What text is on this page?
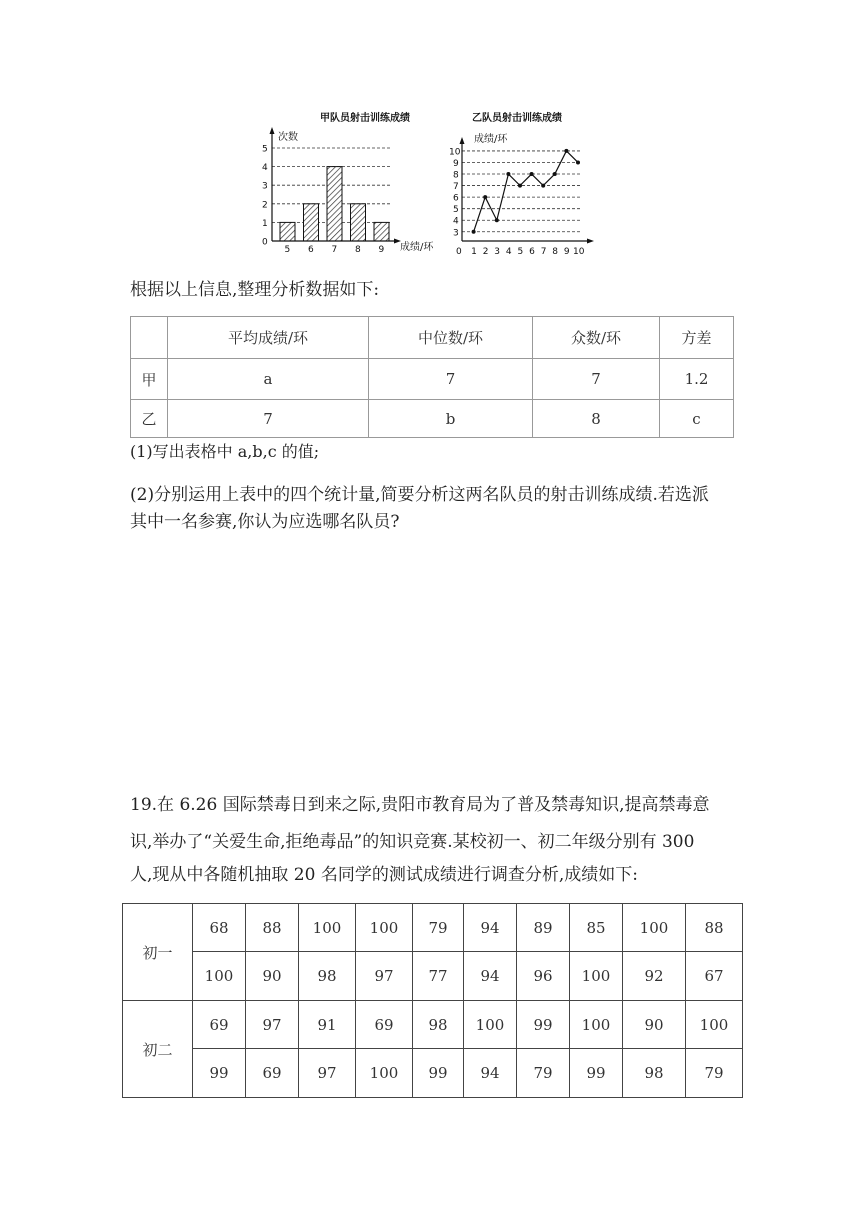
甲队员射击训练成绩
次数
成绩/环
0
1
2
3
4
5
5 6 7 8 9
乙队员射击训练成绩
成绩/环
3
4
5
6
7
8
9
10
0 1 2 3 4 5 6 7 8 9 10
根据以上信息,整理分析数据如下:
	平均成绩/环	中位数/环	众数/环	方差
甲	a	7	7	1.2
乙	7	b	8	c
(1)写出表格中 a,b,c 的值;
(2)分别运用上表中的四个统计量,简要分析这两名队员的射击训练成绩.若选派
其中一名参赛,你认为应选哪名队员?
19.在 6.26 国际禁毒日到来之际,贵阳市教育局为了普及禁毒知识,提高禁毒意
识,举办了“关爱生命,拒绝毒品”的知识竞赛.某校初一、初二年级分别有 300
人,现从中各随机抽取 20 名同学的测试成绩进行调查分析,成绩如下:
初一	68	88	100	100	79	94	89	85	100	88
	100	90	98	97	77	94	96	100	92	67
初二	69	97	91	69	98	100	99	100	90	100
	99	69	97	100	99	94	79	99	98	79
